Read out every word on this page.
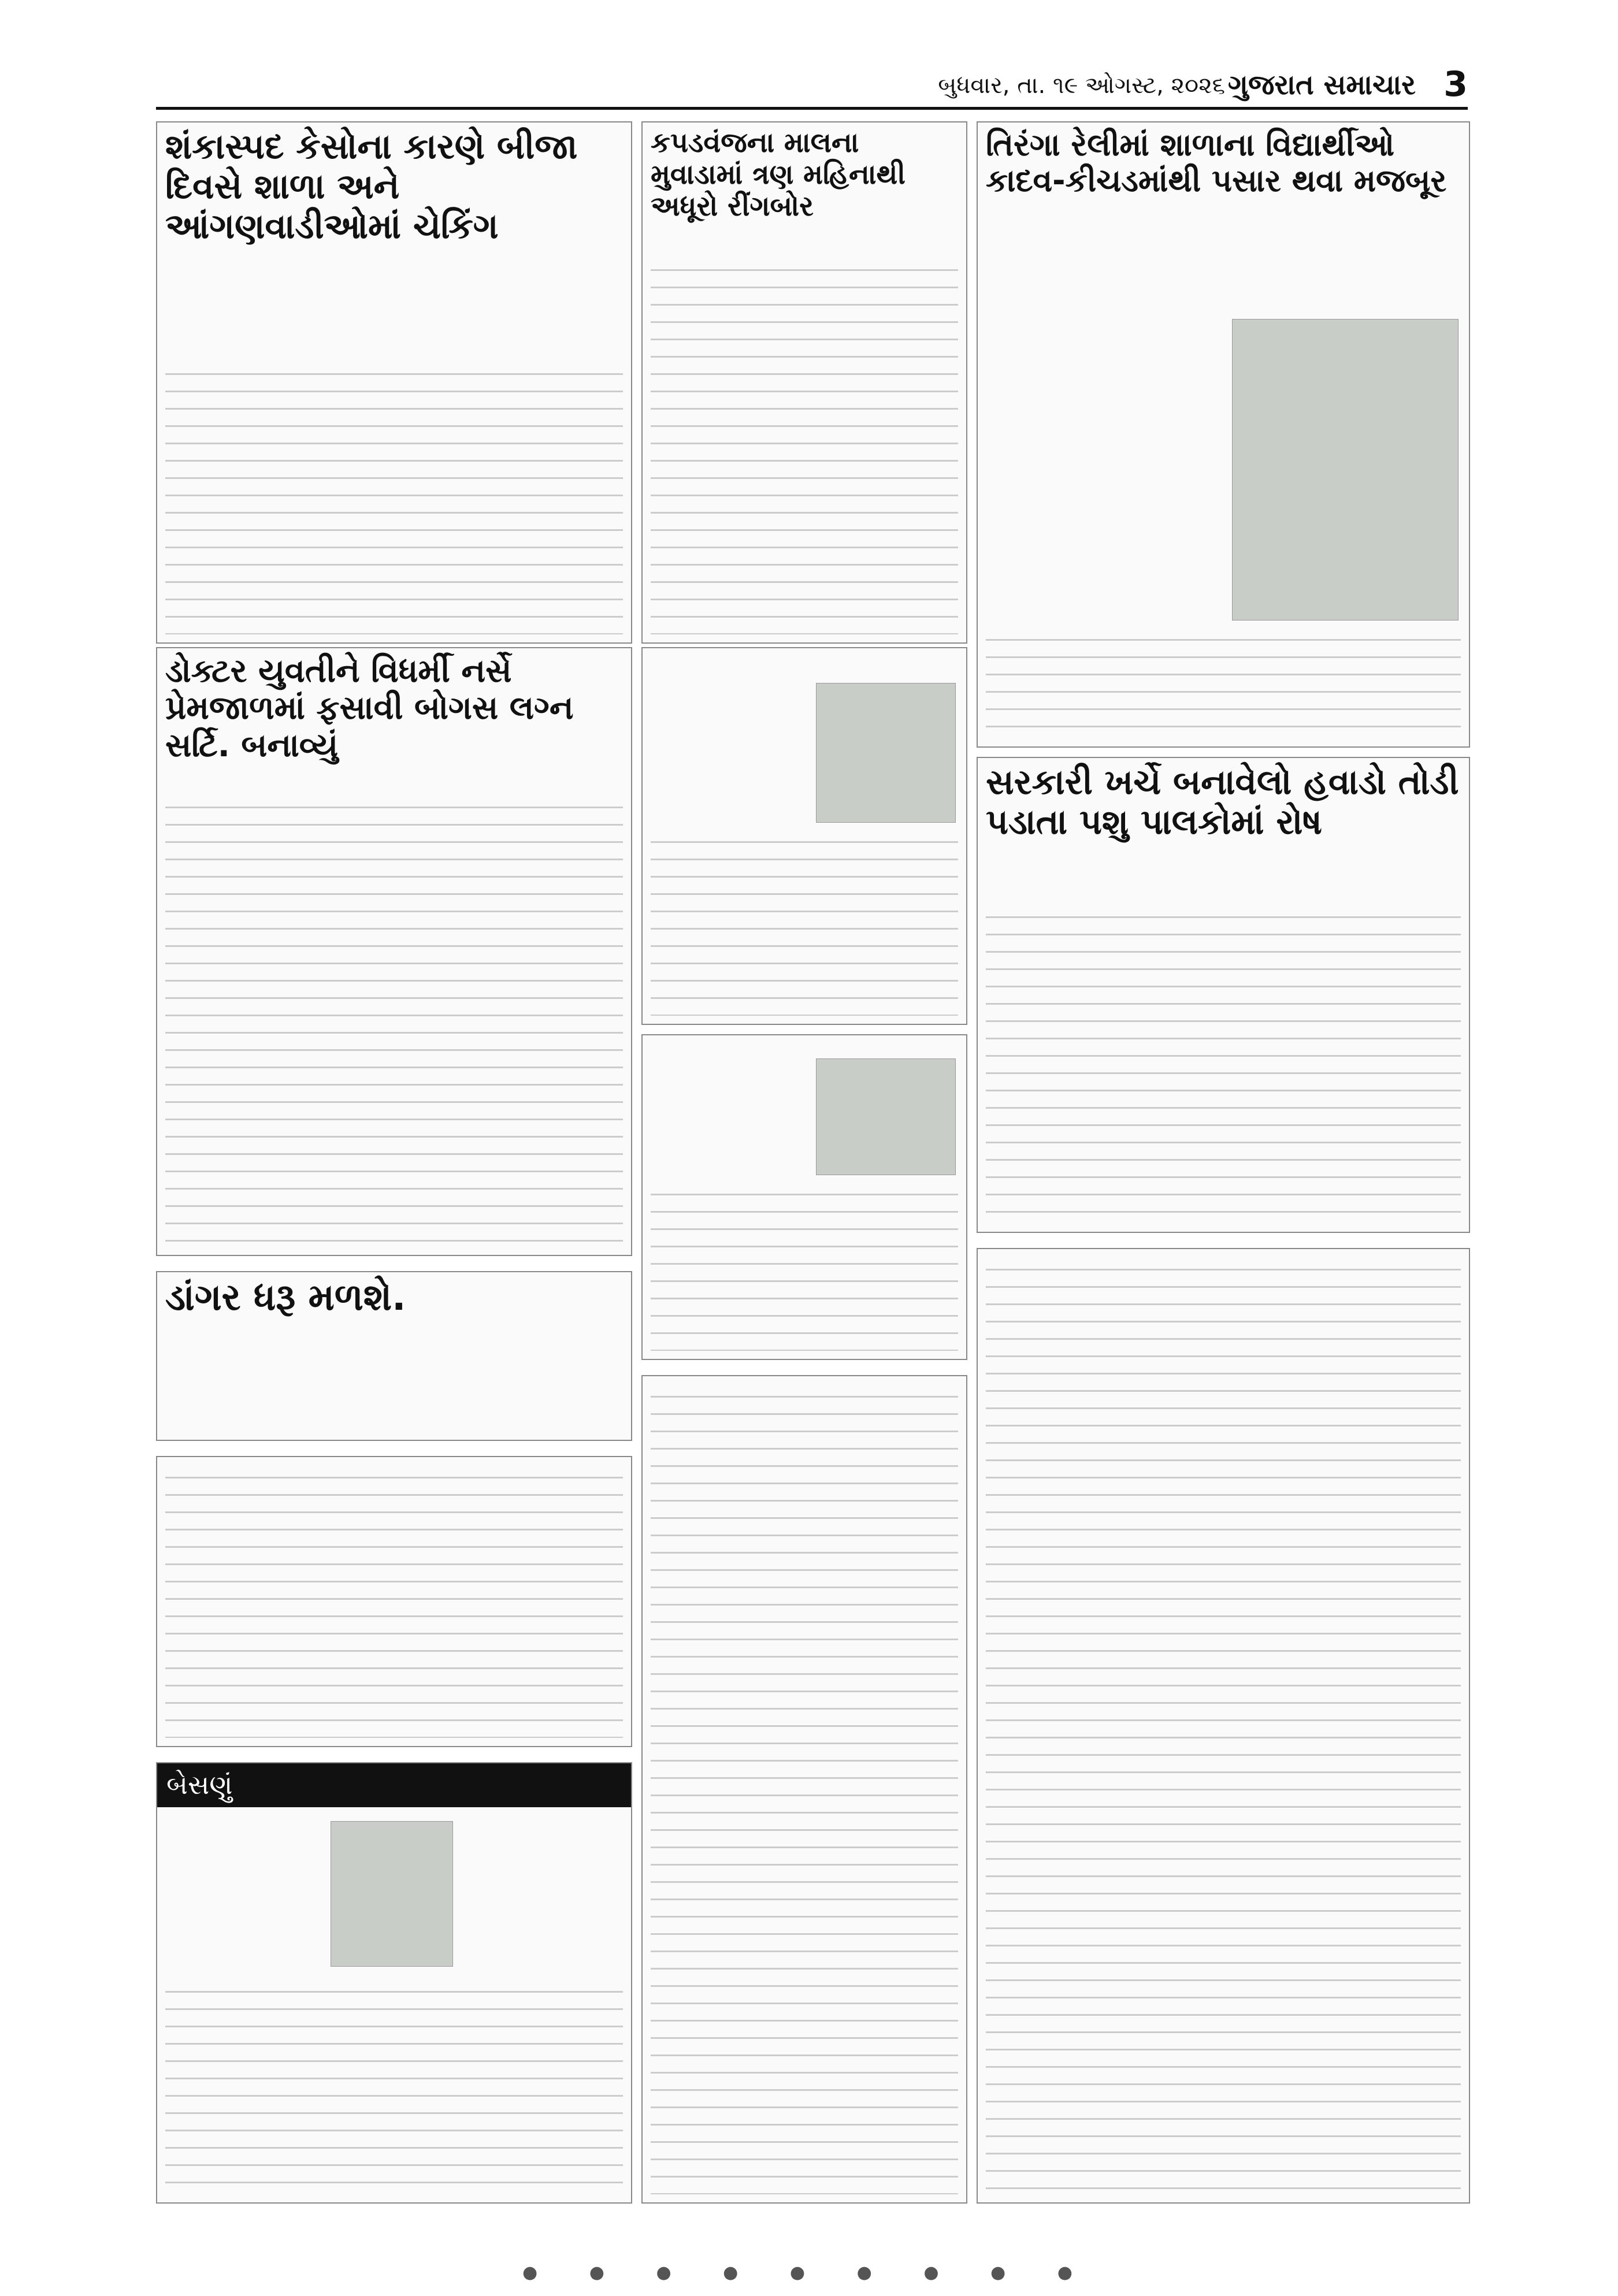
બુધવાર, તા. ૧૯ ઓગસ્ટ, ૨૦૨૬ ગુજરાત સમાચાર 3
શંકાસ્પદ કેસોના કારણે બીજા દિવસે શાળા અને આંગણવાડીઓમાં ચેકિંગ
ડોક્ટર યુવતીને વિધર્મી નર્સે પ્રેમજાળમાં ફસાવી બોગસ લગ્ન સર્ટિ. બનાવ્યું
ડાંગર ધરૂ મળશે.
બેસણું
કપડવંજના માલના મુવાડામાં ત્રણ મહિનાથી અધૂરો રીંગબોર
તિરંગા રેલીમાં શાળાના વિદ્યાર્થીઓ કાદવ-કીચડમાંથી પસાર થવા મજબૂર
સરકારી ખર્ચે બનાવેલો હવાડો તોડી પડાતા પશુ પાલકોમાં રોષ
● ● ● ● ● ● ● ● ●
